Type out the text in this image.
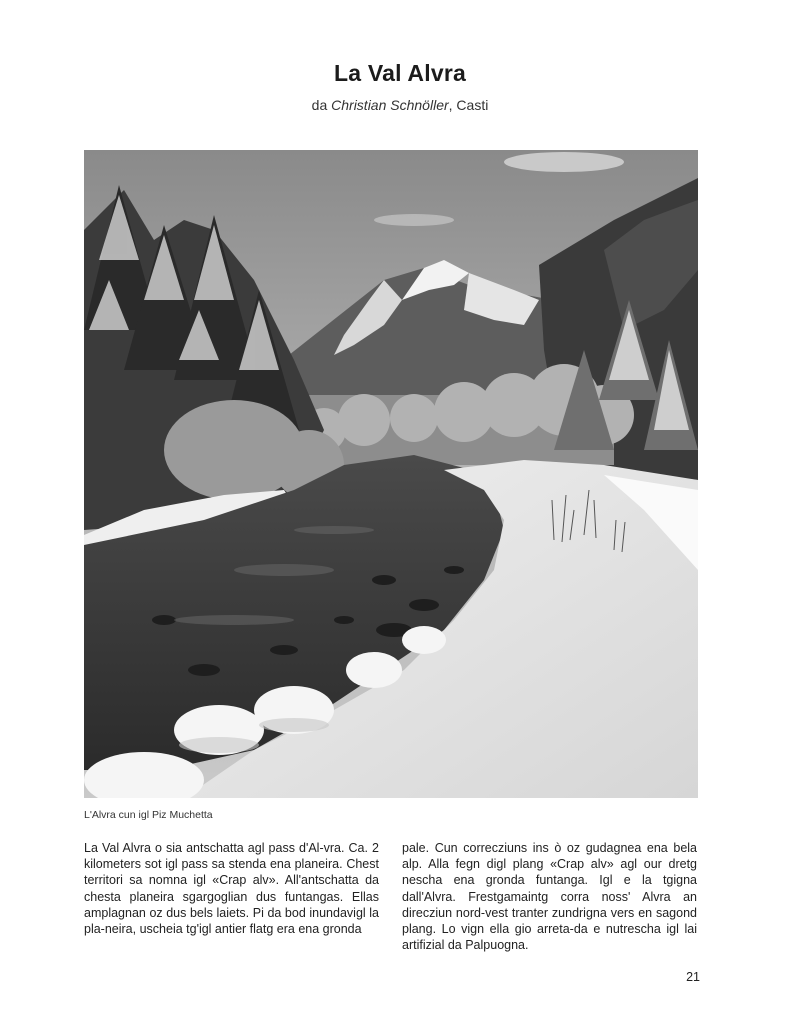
La Val Alvra
da Christian Schnöller, Casti
L'Alvra cun igl Piz Muchetta
La Val Alvra o sia antschatta agl pass d'Al-vra. Ca. 2 kilometers sot igl pass sa stenda ena planeira. Chest territori sa nomna igl «Crap alv». All'antschatta da chesta planeira sgargoglian dus funtangas. Ellas amplagnan oz dus bels laiets. Pi da bod inundavigl la pla-neira, uscheia tg'igl antier flatg era ena gronda
pale. Cun correcziuns ins ò oz gudagnea ena bela alp. Alla fegn digl plang «Crap alv» agl our dretg nescha ena gronda funtanga. Igl e la tgigna dall'Alvra. Frestgamaintg corra noss' Alvra an direcziun nord-vest tranter zundrigna vers en sagond plang. Lo vign ella gio arreta-da e nutrescha igl lai artifizial da Palpuogna.
21
